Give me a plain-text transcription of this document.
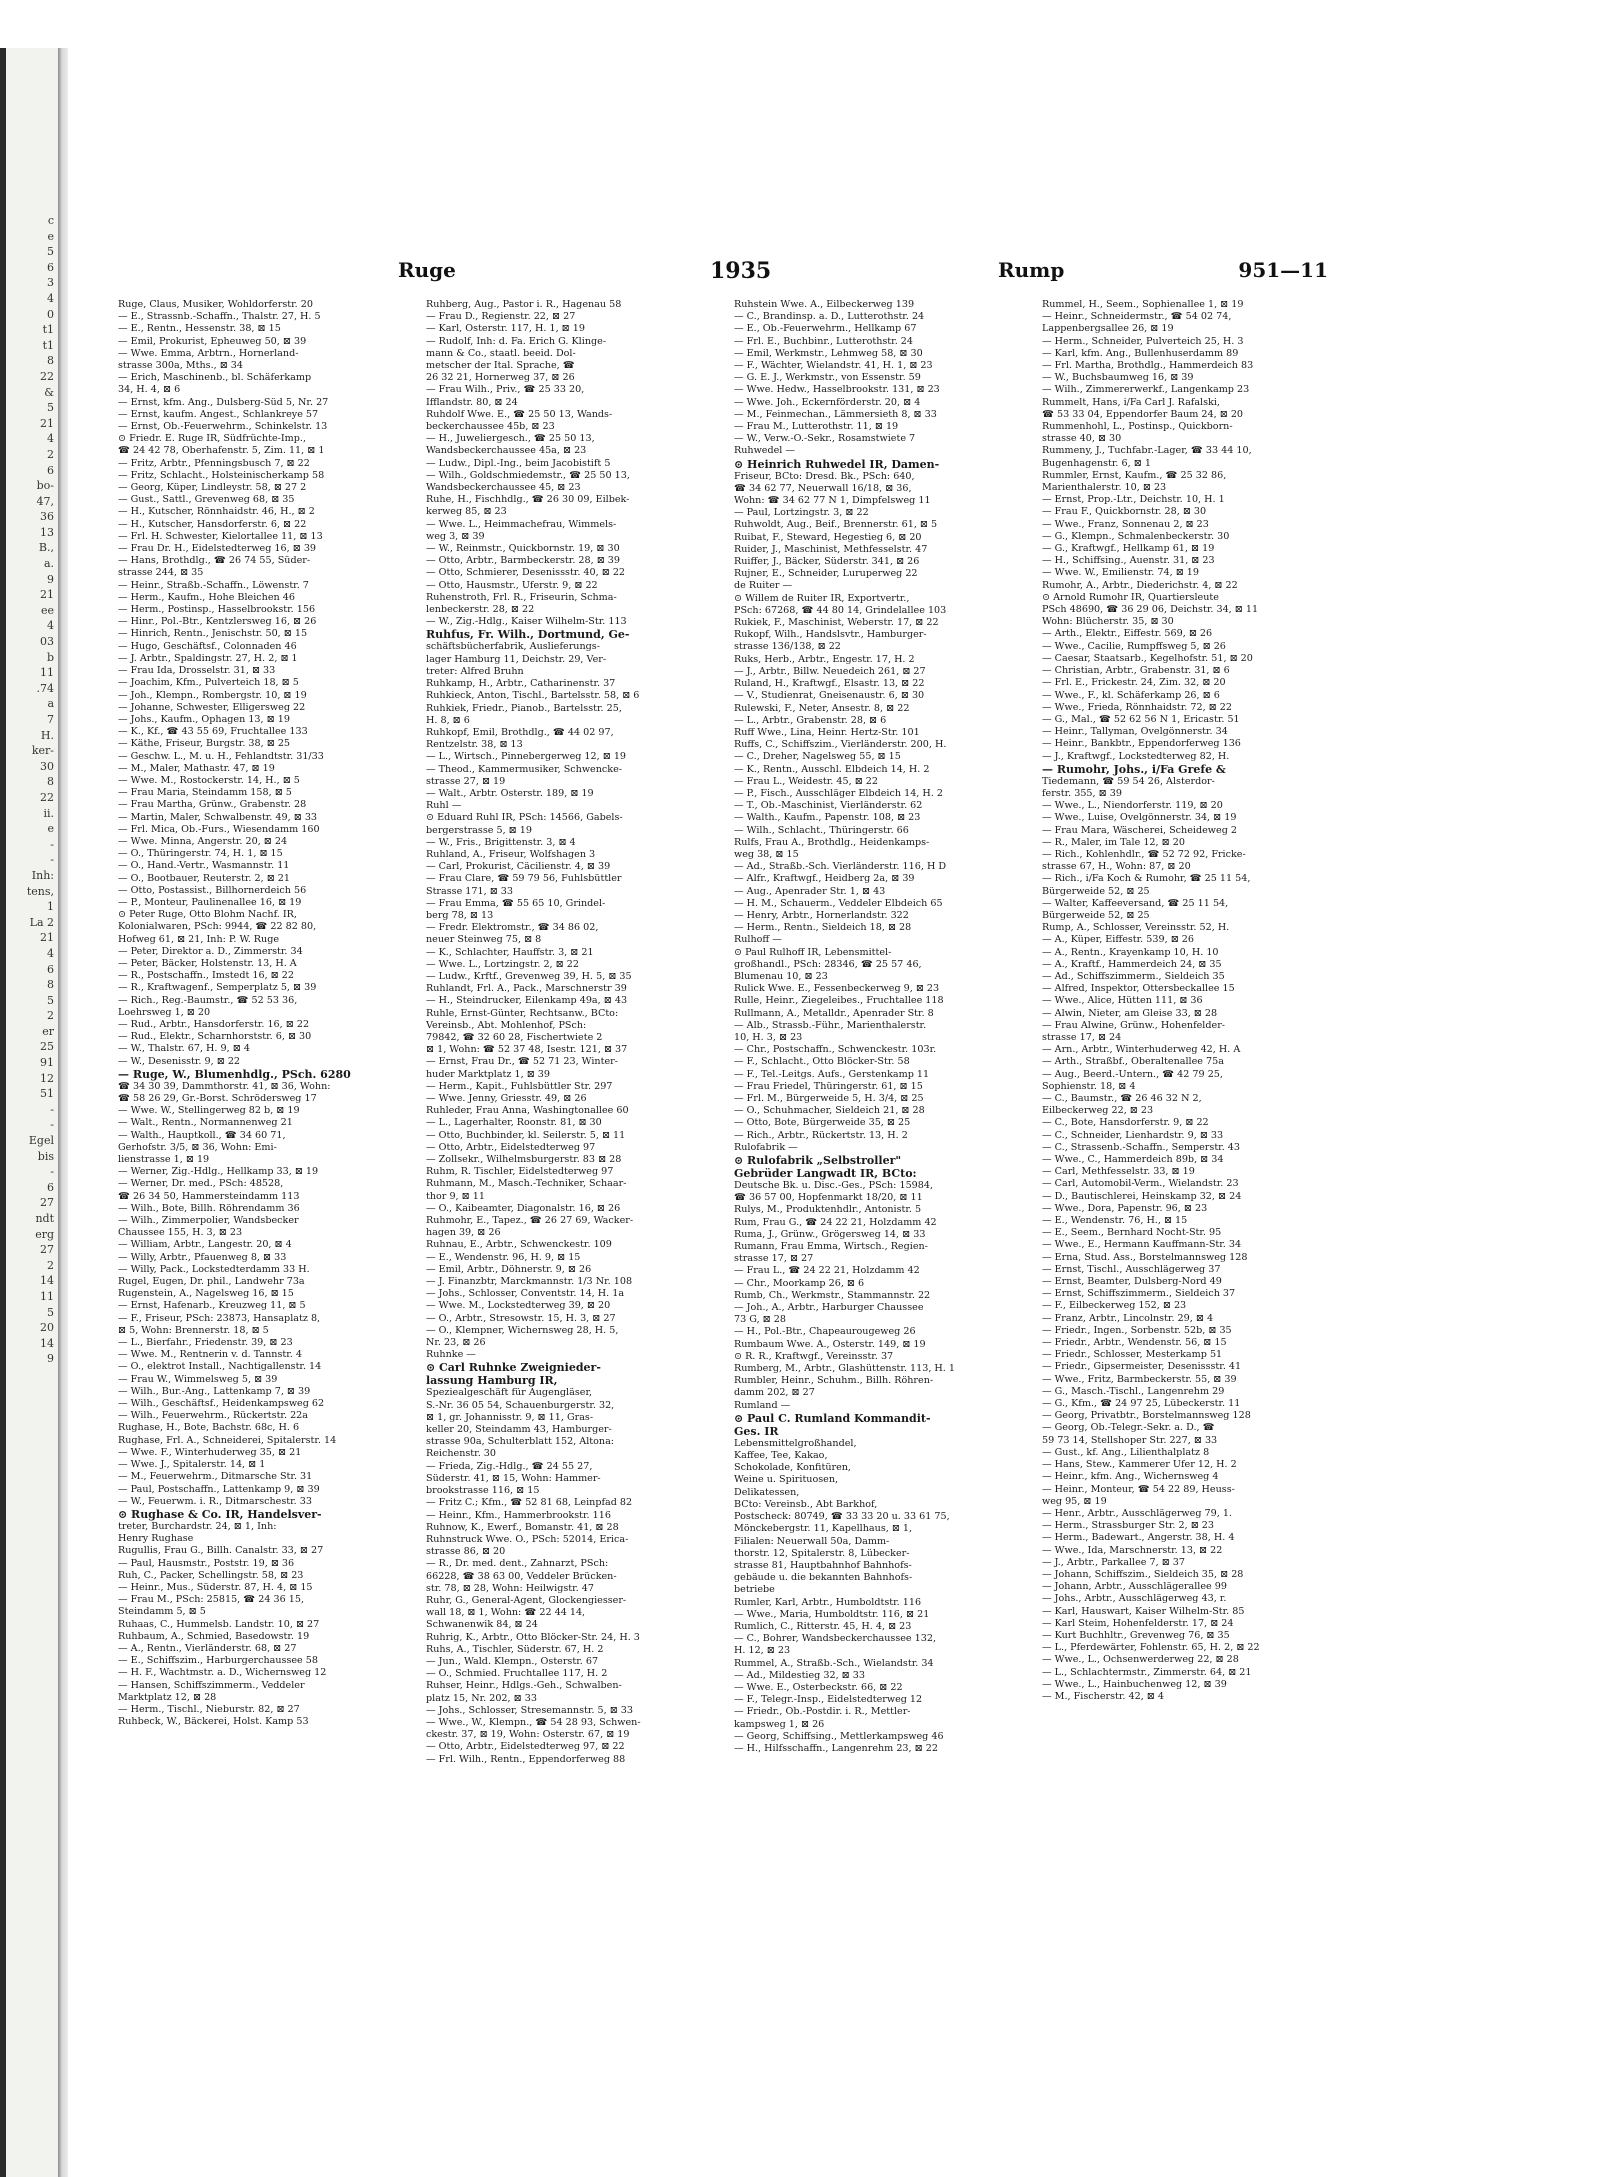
c
e
5
6
3
4
0
t1
t1
8
22
&
5
21
4
2
6
bo-
47,
36
13
B.,
a.
9
21
ee
4
03
b
11
.74
a
7
H.
ker-
30
8
22
ii.
e
-
-
Inh:
tens,
1
La 2
21
4
6
8
5
2
er
25
91
12
51
-
-
Egel
bis
-
6
27
ndt
erg
27
2
14
11
5
20
14
9
Ruge	1935	Rump	951—11
Ruge, Claus, Musiker, Wohldorferstr. 20
— E., Strassnb.-Schaffn., Thalstr. 27, H. 5
— E., Rentn., Hessenstr. 38, ⊠ 15
— Emil, Prokurist, Epheuweg 50, ⊠ 39
— Wwe. Emma, Arbtrn., Hornerland-
strasse 300a, Mths., ⊠ 34
— Erich, Maschinenb., bl. Schäferkamp
34, H. 4, ⊠ 6
— Ernst, kfm. Ang., Dulsberg-Süd 5, Nr. 27
— Ernst, kaufm. Angest., Schlankreye 57
— Ernst, Ob.-Feuerwehrm., Schinkelstr. 13
⊙ Friedr. E. Ruge IR, Südfrüchte-Imp.,
☎ 24 42 78, Oberhafenstr. 5, Zim. 11, ⊠ 1
— Fritz, Arbtr., Pfenningsbusch 7, ⊠ 22
— Fritz, Schlacht., Holsteinischerkamp 58
— Georg, Küper, Lindleystr. 58, ⊠ 27 2
— Gust., Sattl., Grevenweg 68, ⊠ 35
— H., Kutscher, Rönnhaidstr. 46, H., ⊠ 2
— H., Kutscher, Hansdorferstr. 6, ⊠ 22
— Frl. H. Schwester, Kielortallee 11, ⊠ 13
— Frau Dr. H., Eidelstedterweg 16, ⊠ 39
— Hans, Brothdlg., ☎ 26 74 55, Süder-
strasse 244, ⊠ 35
— Heinr., Straßb.-Schaffn., Löwenstr. 7
— Herm., Kaufm., Hohe Bleichen 46
— Herm., Postinsp., Hasselbrookstr. 156
— Hinr., Pol.-Btr., Kentzlersweg 16, ⊠ 26
— Hinrich, Rentn., Jenischstr. 50, ⊠ 15
— Hugo, Geschäftsf., Colonnaden 46
— J. Arbtr., Spaldingstr. 27, H. 2, ⊠ 1
— Frau Ida, Drosselstr. 31, ⊠ 33
— Joachim, Kfm., Pulverteich 18, ⊠ 5
— Joh., Klempn., Rombergstr. 10, ⊠ 19
— Johanne, Schwester, Elligersweg 22
— Johs., Kaufm., Ophagen 13, ⊠ 19
— K., Kf., ☎ 43 55 69, Fruchtallee 133
— Käthe, Friseur, Burgstr. 38, ⊠ 25
— Geschw. L., M. u. H., Fehlandtstr. 31/33
— M., Maler, Mathastr. 47, ⊠ 19
— Wwe. M., Rostockerstr. 14, H., ⊠ 5
— Frau Maria, Steindamm 158, ⊠ 5
— Frau Martha, Grünw., Grabenstr. 28
— Martin, Maler, Schwalbenstr. 49, ⊠ 33
— Frl. Mica, Ob.-Furs., Wiesendamm 160
— Wwe. Minna, Angerstr. 20, ⊠ 24
— O., Thüringerstr. 74, H. 1, ⊠ 15
— O., Hand.-Vertr., Wasmannstr. 11
— O., Bootbauer, Reuterstr. 2, ⊠ 21
— Otto, Postassist., Billhornerdeich 56
— P., Monteur, Paulinenallee 16, ⊠ 19
⊙ Peter Ruge, Otto Blohm Nachf. IR,
Kolonialwaren, PSch: 9944, ☎ 22 82 80,
Hofweg 61, ⊠ 21, Inh: P. W. Ruge
— Peter, Direktor a. D., Zimmerstr. 34
— Peter, Bäcker, Holstenstr. 13, H. A
— R., Postschaffn., Imstedt 16, ⊠ 22
— R., Kraftwagenf., Semperplatz 5, ⊠ 39
— Rich., Reg.-Baumstr., ☎ 52 53 36,
Loehrsweg 1, ⊠ 20
— Rud., Arbtr., Hansdorferstr. 16, ⊠ 22
— Rud., Elektr., Scharnhorststr. 6, ⊠ 30
— W., Thalstr. 67, H. 9, ⊠ 4
— W., Desenisstr. 9, ⊠ 22
— Ruge, W., Blumenhdlg., PSch. 6280
☎ 34 30 39, Dammthorstr. 41, ⊠ 36, Wohn:
☎ 58 26 29, Gr.-Borst. Schrödersweg 17
— Wwe. W., Stellingerweg 82 b, ⊠ 19
— Walt., Rentn., Normannenweg 21
— Walth., Hauptkoll., ☎ 34 60 71,
Gerhofstr. 3/5, ⊠ 36, Wohn: Emi-
lienstrasse 1, ⊠ 19
— Werner, Zig.-Hdlg., Hellkamp 33, ⊠ 19
— Werner, Dr. med., PSch: 48528,
☎ 26 34 50, Hammersteindamm 113
— Wilh., Bote, Billh. Röhrendamm 36
— Wilh., Zimmerpolier, Wandsbecker
Chaussee 155, H. 3, ⊠ 23
— William, Arbtr., Langestr. 20, ⊠ 4
— Willy, Arbtr., Pfauenweg 8, ⊠ 33
— Willy, Pack., Lockstedterdamm 33 H.
Rugel, Eugen, Dr. phil., Landwehr 73a
Rugenstein, A., Nagelsweg 16, ⊠ 15
— Ernst, Hafenarb., Kreuzweg 11, ⊠ 5
— F., Friseur, PSch: 23873, Hansaplatz 8,
⊠ 5, Wohn: Brennerstr. 18, ⊠ 5
— L., Bierfahr., Friedenstr. 39, ⊠ 23
— Wwe. M., Rentnerin v. d. Tannstr. 4
— O., elektrot Install., Nachtigallenstr. 14
— Frau W., Wimmelsweg 5, ⊠ 39
— Wilh., Bur.-Ang., Lattenkamp 7, ⊠ 39
— Wilh., Geschäftsf., Heidenkampsweg 62
— Wilh., Feuerwehrm., Rückertstr. 22a
Rughase, H., Bote, Bachstr. 68c, H. 6
Rughase, Frl. A., Schneiderei, Spitalerstr. 14
— Wwe. F., Winterhuderweg 35, ⊠ 21
— Wwe. J., Spitalerstr. 14, ⊠ 1
— M., Feuerwehrm., Ditmarsche Str. 31
— Paul, Postschaffn., Lattenkamp 9, ⊠ 39
— W., Feuerwm. i. R., Ditmarschestr. 33
⊙ Rughase & Co. IR, Handelsver-
treter, Burchardstr. 24, ⊠ 1, Inh:
Henry Rughase
Rugullis, Frau G., Billh. Canalstr. 33, ⊠ 27
— Paul, Hausmstr., Poststr. 19, ⊠ 36
Ruh, C., Packer, Schellingstr. 58, ⊠ 23
— Heinr., Mus., Süderstr. 87, H. 4, ⊠ 15
— Frau M., PSch: 25815, ☎ 24 36 15,
Steindamm 5, ⊠ 5
Ruhaas, C., Hummelsb. Landstr. 10, ⊠ 27
Ruhbaum, A., Schmied, Basedowstr. 19
— A., Rentn., Vierländerstr. 68, ⊠ 27
— E., Schiffszim., Harburgerchaussee 58
— H. F., Wachtmstr. a. D., Wichernsweg 12
— Hansen, Schiffszimmerm., Veddeler
Marktplatz 12, ⊠ 28
— Herm., Tischl., Nieburstr. 82, ⊠ 27
Ruhbeck, W., Bäckerei, Holst. Kamp 53
Ruhberg, Aug., Pastor i. R., Hagenau 58
— Frau D., Regienstr. 22, ⊠ 27
— Karl, Osterstr. 117, H. 1, ⊠ 19
— Rudolf, Inh: d. Fa. Erich G. Klinge-
mann & Co., staatl. beeid. Dol-
metscher der Ital. Sprache, ☎
26 32 21, Hornerweg 37, ⊠ 26
— Frau Wilh., Priv., ☎ 25 33 20,
Ifflandstr. 80, ⊠ 24
Ruhdolf Wwe. E., ☎ 25 50 13, Wands-
beckerchaussee 45b, ⊠ 23
— H., Juweliergesch., ☎ 25 50 13,
Wandsbeckerchaussee 45a, ⊠ 23
— Ludw., Dipl.-Ing., beim Jacobistift 5
— Wilh., Goldschmiedemstr., ☎ 25 50 13,
Wandsbeckerchaussee 45, ⊠ 23
Ruhe, H., Fischhdlg., ☎ 26 30 09, Eilbek-
kerweg 85, ⊠ 23
— Wwe. L., Heimmachefrau, Wimmels-
weg 3, ⊠ 39
— W., Reinmstr., Quickbornstr. 19, ⊠ 30
— Otto, Arbtr., Barmbeckerstr. 28, ⊠ 39
— Otto, Schmierer, Desenissstr. 40, ⊠ 22
— Otto, Hausmstr., Uferstr. 9, ⊠ 22
Ruhenstroth, Frl. R., Friseurin, Schma-
lenbeckerstr. 28, ⊠ 22
— W., Zig.-Hdlg., Kaiser Wilhelm-Str. 113
Ruhfus, Fr. Wilh., Dortmund, Ge-
schäftsbücherfabrik, Auslieferungs-
lager Hamburg 11, Deichstr. 29, Ver-
treter: Alfred Bruhn
Ruhkamp, H., Arbtr., Catharinenstr. 37
Ruhkieck, Anton, Tischl., Bartelsstr. 58, ⊠ 6
Ruhkiek, Friedr., Pianob., Bartelsstr. 25,
H. 8, ⊠ 6
Ruhkopf, Emil, Brothdlg., ☎ 44 02 97,
Rentzelstr. 38, ⊠ 13
— L., Wirtsch., Pinnebergerweg 12, ⊠ 19
— Theod., Kammermusiker, Schwencke-
strasse 27, ⊠ 19
— Walt., Arbtr. Osterstr. 189, ⊠ 19
Ruhl —
⊙ Eduard Ruhl IR, PSch: 14566, Gabels-
bergerstrasse 5, ⊠ 19
— W., Fris., Brigittenstr. 3, ⊠ 4
Ruhland, A., Friseur, Wolfshagen 3
— Carl, Prokurist, Cäcilienstr. 4, ⊠ 39
— Frau Clare, ☎ 59 79 56, Fuhlsbüttler
Strasse 171, ⊠ 33
— Frau Emma, ☎ 55 65 10, Grindel-
berg 78, ⊠ 13
— Fredr. Elektromstr., ☎ 34 86 02,
neuer Steinweg 75, ⊠ 8
— K., Schlachter, Hauffstr. 3, ⊠ 21
— Wwe. L., Lortzingstr. 2, ⊠ 22
— Ludw., Krftf., Grevenweg 39, H. 5, ⊠ 35
Ruhlandt, Frl. A., Pack., Marschnerstr 39
— H., Steindrucker, Eilenkamp 49a, ⊠ 43
Ruhle, Ernst-Günter, Rechtsanw., BCto:
Vereinsb., Abt. Mohlenhof, PSch:
79842, ☎ 32 60 28, Fischertwiete 2
⊠ 1, Wohn: ☎ 52 37 48, Isestr. 121, ⊠ 37
— Ernst, Frau Dr., ☎ 52 71 23, Winter-
huder Marktplatz 1, ⊠ 39
— Herm., Kapit., Fuhlsbüttler Str. 297
— Wwe. Jenny, Griesstr. 49, ⊠ 26
Ruhleder, Frau Anna, Washingtonallee 60
— L., Lagerhalter, Roonstr. 81, ⊠ 30
— Otto, Buchbinder, kl. Seilerstr. 5, ⊠ 11
— Otto, Arbtr., Eidelstedterweg 97
— Zollsekr., Wilhelmsburgerstr. 83 ⊠ 28
Ruhm, R. Tischler, Eidelstedterweg 97
Ruhmann, M., Masch.-Techniker, Schaar-
thor 9, ⊠ 11
— O., Kaibeamter, Diagonalstr. 16, ⊠ 26
Ruhmohr, E., Tapez., ☎ 26 27 69, Wacker-
hagen 39, ⊠ 26
Ruhnau, E., Arbtr., Schwenckestr. 109
— E., Wendenstr. 96, H. 9, ⊠ 15
— Emil, Arbtr., Döhnerstr. 9, ⊠ 26
— J. Finanzbtr, Marckmannstr. 1/3 Nr. 108
— Johs., Schlosser, Conventstr. 14, H. 1a
— Wwe. M., Lockstedterweg 39, ⊠ 20
— O., Arbtr., Stresowstr. 15, H. 3, ⊠ 27
— O., Klempner, Wichernsweg 28, H. 5,
Nr. 23, ⊠ 26
Ruhnke —
⊙ Carl Ruhnke Zweignieder-
lassung Hamburg IR,
Speziealgeschäft für Augengläser,
S.-Nr. 36 05 54, Schauenburgerstr. 32,
⊠ 1, gr. Johannisstr. 9, ⊠ 11, Gras-
keller 20, Steindamm 43, Hamburger-
strasse 90a, Schulterblatt 152, Altona:
Reichenstr. 30
— Frieda, Zig.-Hdlg., ☎ 24 55 27,
Süderstr. 41, ⊠ 15, Wohn: Hammer-
brookstrasse 116, ⊠ 15
— Fritz C.; Kfm., ☎ 52 81 68, Leinpfad 82
— Heinr., Kfm., Hammerbrookstr. 116
Ruhnow, K., Ewerf., Bomanstr. 41, ⊠ 28
Ruhnstruck Wwe. O., PSch: 52014, Erica-
strasse 86, ⊠ 20
— R., Dr. med. dent., Zahnarzt, PSch:
66228, ☎ 38 63 00, Veddeler Brücken-
str. 78, ⊠ 28, Wohn: Heilwigstr. 47
Ruhr, G., General-Agent, Glockengiesser-
wall 18, ⊠ 1, Wohn: ☎ 22 44 14,
Schwanenwik 84, ⊠ 24
Ruhrig, K., Arbtr., Otto Blöcker-Str. 24, H. 3
Ruhs, A., Tischler, Süderstr. 67, H. 2
— Jun., Wald. Klempn., Osterstr. 67
— O., Schmied. Fruchtallee 117, H. 2
Ruhser, Heinr., Hdlgs.-Geh., Schwalben-
platz 15, Nr. 202, ⊠ 33
— Johs., Schlosser, Stresemannstr. 5, ⊠ 33
— Wwe., W., Klempn., ☎ 54 28 93, Schwen-
ckestr. 37, ⊠ 19, Wohn: Osterstr. 67, ⊠ 19
— Otto, Arbtr., Eidelstedterweg 97, ⊠ 22
— Frl. Wilh., Rentn., Eppendorferweg 88
Ruhstein Wwe. A., Eilbeckerweg 139
— C., Brandinsp. a. D., Lutterothstr. 24
— E., Ob.-Feuerwehrm., Hellkamp 67
— Frl. E., Buchbinr., Lutterothstr. 24
— Emil, Werkmstr., Lehmweg 58, ⊠ 30
— F., Wächter, Wielandstr. 41, H. 1, ⊠ 23
— G. E. J., Werkmstr., von Essenstr. 59
— Wwe. Hedw., Hasselbrookstr. 131, ⊠ 23
— Wwe. Joh., Eckernförderstr. 20, ⊠ 4
— M., Feinmechan., Lämmersieth 8, ⊠ 33
— Frau M., Lutterothstr. 11, ⊠ 19
— W., Verw.-O.-Sekr., Rosamstwiete 7
Ruhwedel —
⊙ Heinrich Ruhwedel IR, Damen-
Friseur, BCto: Dresd. Bk., PSch: 640,
☎ 34 62 77, Neuerwall 16/18, ⊠ 36,
Wohn: ☎ 34 62 77 N 1, Dimpfelsweg 11
— Paul, Lortzingstr. 3, ⊠ 22
Ruhwoldt, Aug., Beif., Brennerstr. 61, ⊠ 5
Ruibat, F., Steward, Hegestieg 6, ⊠ 20
Ruider, J., Maschinist, Methfesselstr. 47
Ruiffer, J., Bäcker, Süderstr. 341, ⊠ 26
Rujner, E., Schneider, Luruperweg 22
de Ruiter —
⊙ Willem de Ruiter IR, Exportvertr.,
PSch: 67268, ☎ 44 80 14, Grindelallee 103
Rukiek, F., Maschinist, Weberstr. 17, ⊠ 22
Rukopf, Wilh., Handslsvtr., Hamburger-
strasse 136/138, ⊠ 22
Ruks, Herb., Arbtr., Engestr. 17, H. 2
— J., Arbtr., Billw. Neuedeich 261, ⊠ 27
Ruland, H., Kraftwgf., Elsastr. 13, ⊠ 22
— V., Studienrat, Gneisenaustr. 6, ⊠ 30
Rulewski, F., Neter, Ansestr. 8, ⊠ 22
— L., Arbtr., Grabenstr. 28, ⊠ 6
Ruff Wwe., Lina, Heinr. Hertz-Str. 101
Ruffs, C., Schiffszim., Vierländerstr. 200, H.
— C., Dreher, Nagelsweg 55, ⊠ 15
— K., Rentn., Ausschl. Elbdeich 14, H. 2
— Frau L., Weidestr. 45, ⊠ 22
— P., Fisch., Ausschläger Elbdeich 14, H. 2
— T., Ob.-Maschinist, Vierländerstr. 62
— Walth., Kaufm., Papenstr. 108, ⊠ 23
— Wilh., Schlacht., Thüringerstr. 66
Rulfs, Frau A., Brothdlg., Heidenkamps-
weg 38, ⊠ 15
— Ad., Straßb.-Sch. Vierländerstr. 116, H D
— Alfr., Kraftwgf., Heidberg 2a, ⊠ 39
— Aug., Apenrader Str. 1, ⊠ 43
— H. M., Schauerm., Veddeler Elbdeich 65
— Henry, Arbtr., Hornerlandstr. 322
— Herm., Rentn., Sieldeich 18, ⊠ 28
Rulhoff —
⊙ Paul Rulhoff IR, Lebensmittel-
großhandl., PSch: 28346, ☎ 25 57 46,
Blumenau 10, ⊠ 23
Rulick Wwe. E., Fessenbeckerweg 9, ⊠ 23
Rulle, Heinr., Ziegeleibes., Fruchtallee 118
Rullmann, A., Metalldr., Apenrader Str. 8
— Alb., Strassb.-Führ., Marienthalerstr.
10, H. 3, ⊠ 23
— Chr., Postschaffn., Schwenckestr. 103r.
— F., Schlacht., Otto Blöcker-Str. 58
— F., Tel.-Leitgs. Aufs., Gerstenkamp 11
— Frau Friedel, Thüringerstr. 61, ⊠ 15
— Frl. M., Bürgerweide 5, H. 3/4, ⊠ 25
— O., Schuhmacher, Sieldeich 21, ⊠ 28
— Otto, Bote, Bürgerweide 35, ⊠ 25
— Rich., Arbtr., Rückertstr. 13, H. 2
Rulofabrik —
⊙ Rulofabrik „Selbstroller"
Gebrüder Langwadt IR, BCto:
Deutsche Bk. u. Disc.-Ges., PSch: 15984,
☎ 36 57 00, Hopfenmarkt 18/20, ⊠ 11
Rulys, M., Produktenhdlr., Antonistr. 5
Rum, Frau G., ☎ 24 22 21, Holzdamm 42
Ruma, J., Grünw., Grögersweg 14, ⊠ 33
Rumann, Frau Emma, Wirtsch., Regien-
strasse 17, ⊠ 27
— Frau L., ☎ 24 22 21, Holzdamm 42
— Chr., Moorkamp 26, ⊠ 6
Rumb, Ch., Werkmstr., Stammannstr. 22
— Joh., A., Arbtr., Harburger Chaussee
73 G, ⊠ 28
— H., Pol.-Btr., Chapeaurougeweg 26
Rumbaum Wwe. A., Osterstr. 149, ⊠ 19
⊙ R. R., Kraftwgf., Vereinsstr. 37
Rumberg, M., Arbtr., Glashüttenstr. 113, H. 1
Rumbler, Heinr., Schuhm., Billh. Röhren-
damm 202, ⊠ 27
Rumland —
⊙ Paul C. Rumland Kommandit-
Ges. IR
Lebensmittelgroßhandel,
Kaffee, Tee, Kakao,
Schokolade, Konfitüren,
Weine u. Spirituosen,
Delikatessen,
BCto: Vereinsb., Abt Barkhof,
Postscheck: 80749, ☎ 33 33 20 u. 33 61 75,
Mönckebergstr. 11, Kapellhaus, ⊠ 1,
Filialen: Neuerwall 50a, Damm-
thorstr. 12, Spitalerstr. 8, Lübecker-
strasse 81, Hauptbahnhof Bahnhofs-
gebäude u. die bekannten Bahnhofs-
betriebe
Rumler, Karl, Arbtr., Humboldtstr. 116
— Wwe., Maria, Humboldtstr. 116, ⊠ 21
Rumlich, C., Ritterstr. 45, H. 4, ⊠ 23
— C., Bohrer, Wandsbeckerchaussee 132,
H. 12, ⊠ 23
Rummel, A., Straßb.-Sch., Wielandstr. 34
— Ad., Mildestieg 32, ⊠ 33
— Wwe. E., Osterbeckstr. 66, ⊠ 22
— F., Telegr.-Insp., Eidelstedterweg 12
— Friedr., Ob.-Postdir. i. R., Mettler-
kampsweg 1, ⊠ 26
— Georg, Schiffsing., Mettlerkampsweg 46
— H., Hilfsschaffn., Langenrehm 23, ⊠ 22
Rummel, H., Seem., Sophienallee 1, ⊠ 19
— Heinr., Schneidermstr., ☎ 54 02 74,
Lappenbergsallee 26, ⊠ 19
— Herm., Schneider, Pulverteich 25, H. 3
— Karl, kfm. Ang., Bullenhuserdamm 89
— Frl. Martha, Brothdlg., Hammerdeich 83
— W., Buchsbaumweg 16, ⊠ 39
— Wilh., Zimmererwerkf., Langenkamp 23
Rummelt, Hans, i/Fa Carl J. Rafalski,
☎ 53 33 04, Eppendorfer Baum 24, ⊠ 20
Rummenhohl, L., Postinsp., Quickborn-
strasse 40, ⊠ 30
Rummeny, J., Tuchfabr.-Lager, ☎ 33 44 10,
Bugenhagenstr. 6, ⊠ 1
Rummler, Ernst, Kaufm., ☎ 25 32 86,
Marienthalerstr. 10, ⊠ 23
— Ernst, Prop.-Ltr., Deichstr. 10, H. 1
— Frau F., Quickbornstr. 28, ⊠ 30
— Wwe., Franz, Sonnenau 2, ⊠ 23
— G., Klempn., Schmalenbeckerstr. 30
— G., Kraftwgf., Hellkamp 61, ⊠ 19
— H., Schiffsing., Auenstr. 31, ⊠ 23
— Wwe. W., Emilienstr. 74, ⊠ 19
Rumohr, A., Arbtr., Diederichstr. 4, ⊠ 22
⊙ Arnold Rumohr IR, Quartiersleute
PSch 48690, ☎ 36 29 06, Deichstr. 34, ⊠ 11
Wohn: Blücherstr. 35, ⊠ 30
— Arth., Elektr., Eiffestr. 569, ⊠ 26
— Wwe., Cacilie, Rumpffsweg 5, ⊠ 26
— Caesar, Staatsarb., Kegelhofstr. 51, ⊠ 20
— Christian, Arbtr., Grabenstr. 31, ⊠ 6
— Frl. E., Frickestr. 24, Zim. 32, ⊠ 20
— Wwe., F., kl. Schäferkamp 26, ⊠ 6
— Wwe., Frieda, Rönnhaidstr. 72, ⊠ 22
— G., Mal., ☎ 52 62 56 N 1, Ericastr. 51
— Heinr., Tallyman, Ovelgönnerstr. 34
— Heinr., Bankbtr., Eppendorferweg 136
— J., Kraftwgf., Lockstedterweg 82, H.
— Rumohr, Johs., i/Fa Grefe &
Tiedemann, ☎ 59 54 26, Alsterdor-
ferstr. 355, ⊠ 39
— Wwe., L., Niendorferstr. 119, ⊠ 20
— Wwe., Luise, Ovelgönnerstr. 34, ⊠ 19
— Frau Mara, Wäscherei, Scheideweg 2
— R., Maler, im Tale 12, ⊠ 20
— Rich., Kohlenhdlr., ☎ 52 72 92, Fricke-
strasse 67, H., Wohn: 87, ⊠ 20
— Rich., i/Fa Koch & Rumohr, ☎ 25 11 54,
Bürgerweide 52, ⊠ 25
— Walter, Kaffeeversand, ☎ 25 11 54,
Bürgerweide 52, ⊠ 25
Rump, A., Schlosser, Vereinsstr. 52, H.
— A., Küper, Eiffestr. 539, ⊠ 26
— A., Rentn., Krayenkamp 10, H. 10
— A., Kraftf., Hammerdeich 24, ⊠ 35
— Ad., Schiffszimmerm., Sieldeich 35
— Alfred, Inspektor, Ottersbeckallee 15
— Wwe., Alice, Hütten 111, ⊠ 36
— Alwin, Nieter, am Gleise 33, ⊠ 28
— Frau Alwine, Grünw., Hohenfelder-
strasse 17, ⊠ 24
— Arn., Arbtr., Winterhuderweg 42, H. A
— Arth., Straßbf., Oberaltenallee 75a
— Aug., Beerd.-Untern., ☎ 42 79 25,
Sophienstr. 18, ⊠ 4
— C., Baumstr., ☎ 26 46 32 N 2,
Eilbeckerweg 22, ⊠ 23
— C., Bote, Hansdorferstr. 9, ⊠ 22
— C., Schneider, Lienhardstr. 9, ⊠ 33
— C., Strassenb.-Schaffn., Semperstr. 43
— Wwe., C., Hammerdeich 89b, ⊠ 34
— Carl, Methfesselstr. 33, ⊠ 19
— Carl, Automobil-Verm., Wielandstr. 23
— D., Bautischlerei, Heinskamp 32, ⊠ 24
— Wwe., Dora, Papenstr. 96, ⊠ 23
— E., Wendenstr. 76, H., ⊠ 15
— E., Seem., Bernhard Nocht-Str. 95
— Wwe., E., Hermann Kauffmann-Str. 34
— Erna, Stud. Ass., Borstelmannsweg 128
— Ernst, Tischl., Ausschlägerweg 37
— Ernst, Beamter, Dulsberg-Nord 49
— Ernst, Schiffszimmerm., Sieldeich 37
— F., Eilbeckerweg 152, ⊠ 23
— Franz, Arbtr., Lincolnstr. 29, ⊠ 4
— Friedr., Ingen., Sorbenstr. 52b, ⊠ 35
— Friedr., Arbtr., Wendenstr. 56, ⊠ 15
— Friedr., Schlosser, Mesterkamp 51
— Friedr., Gipsermeister, Desenissstr. 41
— Wwe., Fritz, Barmbeckerstr. 55, ⊠ 39
— G., Masch.-Tischl., Langenrehm 29
— G., Kfm., ☎ 24 97 25, Lübeckerstr. 11
— Georg, Privatbtr., Borstelmannsweg 128
— Georg, Ob.-Telegr.-Sekr. a. D., ☎
59 73 14, Stellshoper Str. 227, ⊠ 33
— Gust., kf. Ang., Lilienthalplatz 8
— Hans, Stew., Kammerer Ufer 12, H. 2
— Heinr., kfm. Ang., Wichernsweg 4
— Heinr., Monteur, ☎ 54 22 89, Heuss-
weg 95, ⊠ 19
— Henr., Arbtr., Ausschlägerweg 79, 1.
— Herm., Strassburger Str. 2, ⊠ 23
— Herm., Badewart., Angerstr. 38, H. 4
— Wwe., Ida, Marschnerstr. 13, ⊠ 22
— J., Arbtr., Parkallee 7, ⊠ 37
— Johann, Schiffszim., Sieldeich 35, ⊠ 28
— Johann, Arbtr., Ausschlägerallee 99
— Johs., Arbtr., Ausschlägerweg 43, r.
— Karl, Hauswart, Kaiser Wilhelm-Str. 85
— Karl Steim, Hohenfelderstr. 17, ⊠ 24
— Kurt Buchhltr., Grevenweg 76, ⊠ 35
— L., Pferdewärter, Fohlenstr. 65, H. 2, ⊠ 22
— Wwe., L., Ochsenwerderweg 22, ⊠ 28
— L., Schlachtermstr., Zimmerstr. 64, ⊠ 21
— Wwe., L., Hainbuchenweg 12, ⊠ 39
— M., Fischerstr. 42, ⊠ 4
